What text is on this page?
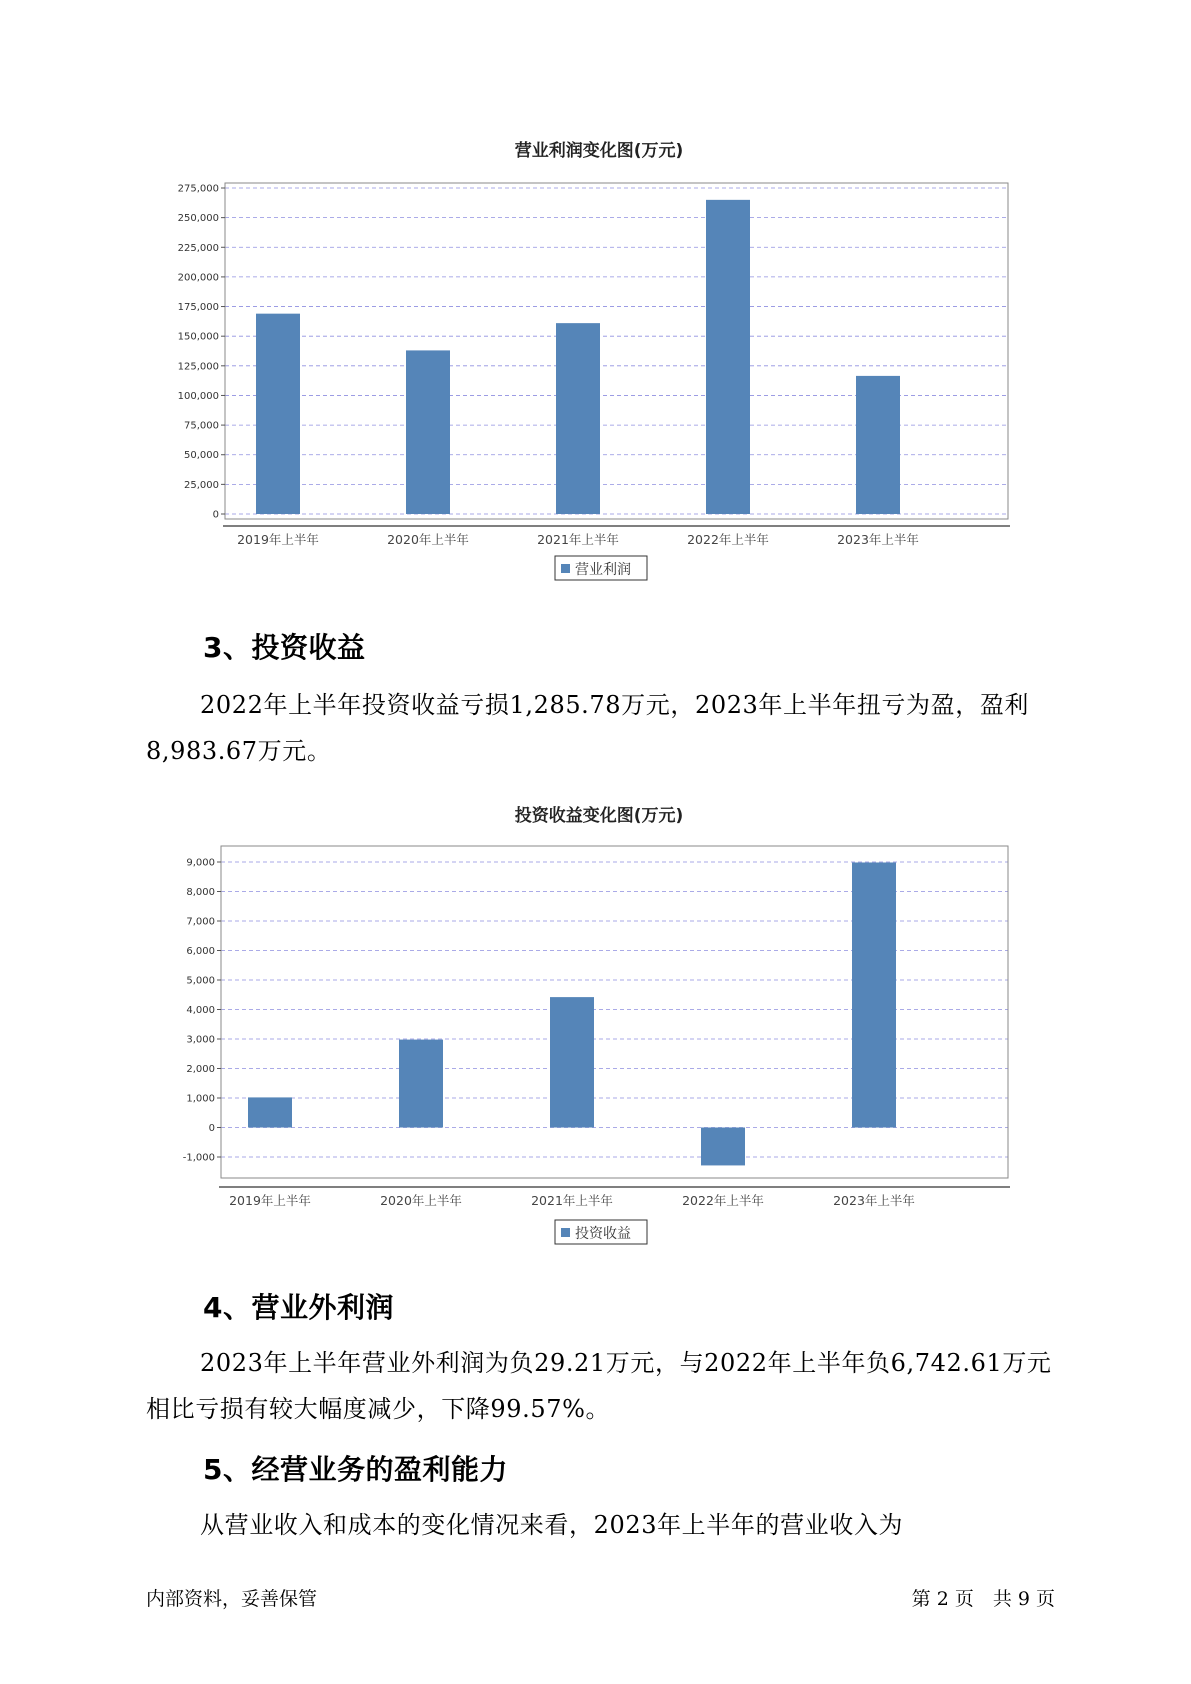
营业利润变化图(万元)
0
25,000
50,000
75,000
100,000
125,000
150,000
175,000
200,000
225,000
250,000
275,000
2019年上半年	2020年上半年	2021年上半年	2022年上半年	2023年上半年
营业利润
3、投资收益

2022年上半年投资收益亏损1,285.78万元，2023年上半年扭亏为盈，盈利8,983.67万元。

投资收益变化图(万元)
-1,000
0
1,000
2,000
3,000
4,000
5,000
6,000
7,000
8,000
9,000
2019年上半年	2020年上半年	2021年上半年	2022年上半年	2023年上半年
投资收益
4、营业外利润

2023年上半年营业外利润为负29.21万元，与2022年上半年负6,742.61万元相比亏损有较大幅度减少，下降99.57%。

5、经营业务的盈利能力

从营业收入和成本的变化情况来看，2023年上半年的营业收入为

内部资料，妥善保管	第 2 页　共 9 页
